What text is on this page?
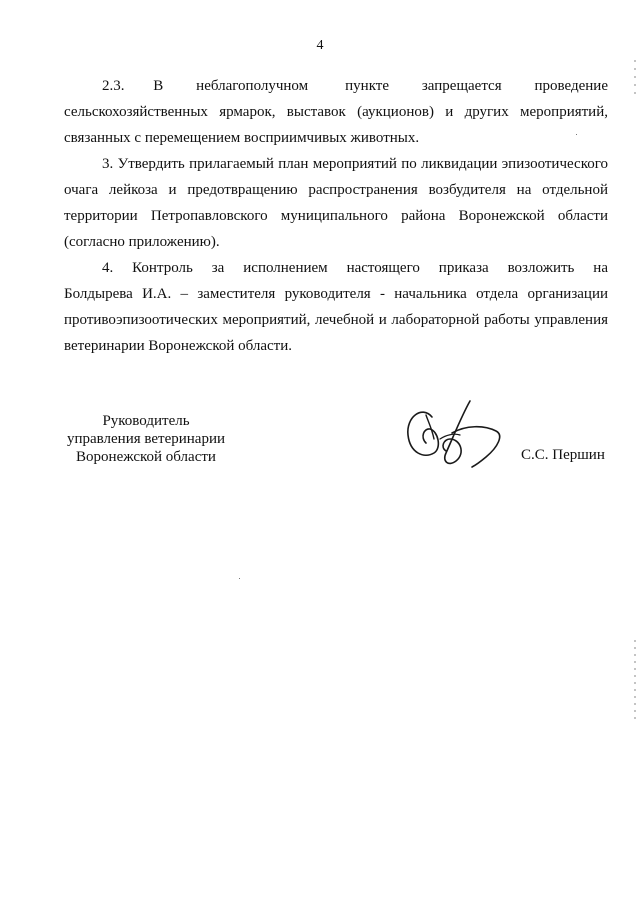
4

2.3.       В        неблагополучном         пункте        запрещается        проведение сельскохозяйственных ярмарок, выставок (аукционов) и других мероприятий, связанных с перемещением восприимчивых животных.

3. Утвердить прилагаемый план мероприятий по ликвидации эпизоотического очага лейкоза и предотвращению распространения возбудителя на отдельной территории Петропавловского муниципального района Воронежской области (согласно приложению).

4.    Контроль    за    исполнением    настоящего    приказа    возложить    на Болдырева И.А. – заместителя руководителя - начальника отдела организации противоэпизоотических мероприятий, лечебной и лабораторной работы управления ветеринарии Воронежской области.

Руководитель
управления ветеринарии
Воронежской области	С.С. Першин
